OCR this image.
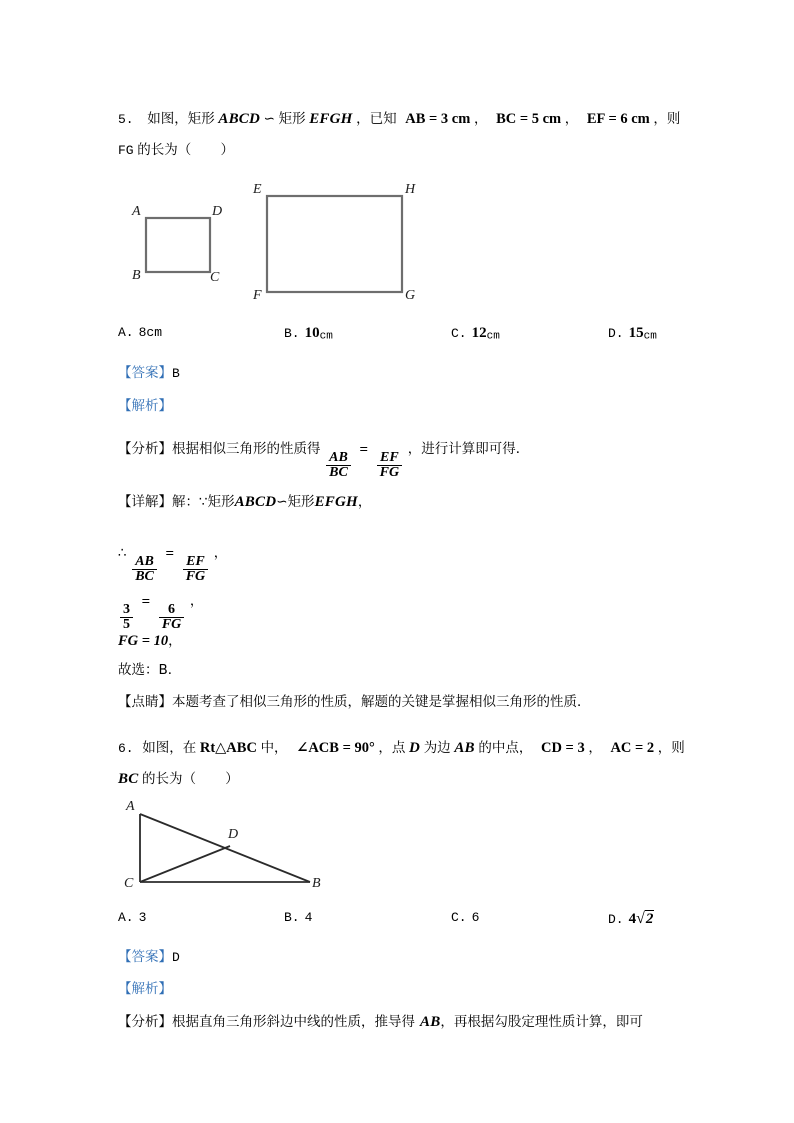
5. 如图，矩形 ABCD ∽ 矩形 EFGH ，已知 AB = 3 cm ， BC = 5 cm ， EF = 6 cm ，则
FG 的长为（ ）
A	D
B	C
E	H
F	G
A. 8cm	B. 10cm	C. 12cm	D. 15cm
【答案】B
【解析】
【分析】根据相似三角形的性质得
$\frac{AB}{BC}$
=
$\frac{EF}{FG}$
，进行计算即可得．
【详解】解：∵矩形ABCD∽矩形EFGH，
∴
$\frac{AB}{BC}$
=
$\frac{EF}{FG}$
，
$\frac{3}{5}$
=
$\frac{6}{FG}$
，
FG = 10，
故选：B．
【点睛】本题考查了相似三角形的性质，解题的关键是掌握相似三角形的性质．
6. 如图，在 Rt△ABC 中， ∠ACB = 90° ，点 D 为边 AB 的中点， CD = 3 ， AC = 2 ，则
BC 的长为（ ）
A
D
C	B
A. 3	B. 4	C. 6	D. 4√2
【答案】D
【解析】
【分析】根据直角三角形斜边中线的性质，推导得 AB，再根据勾股定理性质计算，即可
